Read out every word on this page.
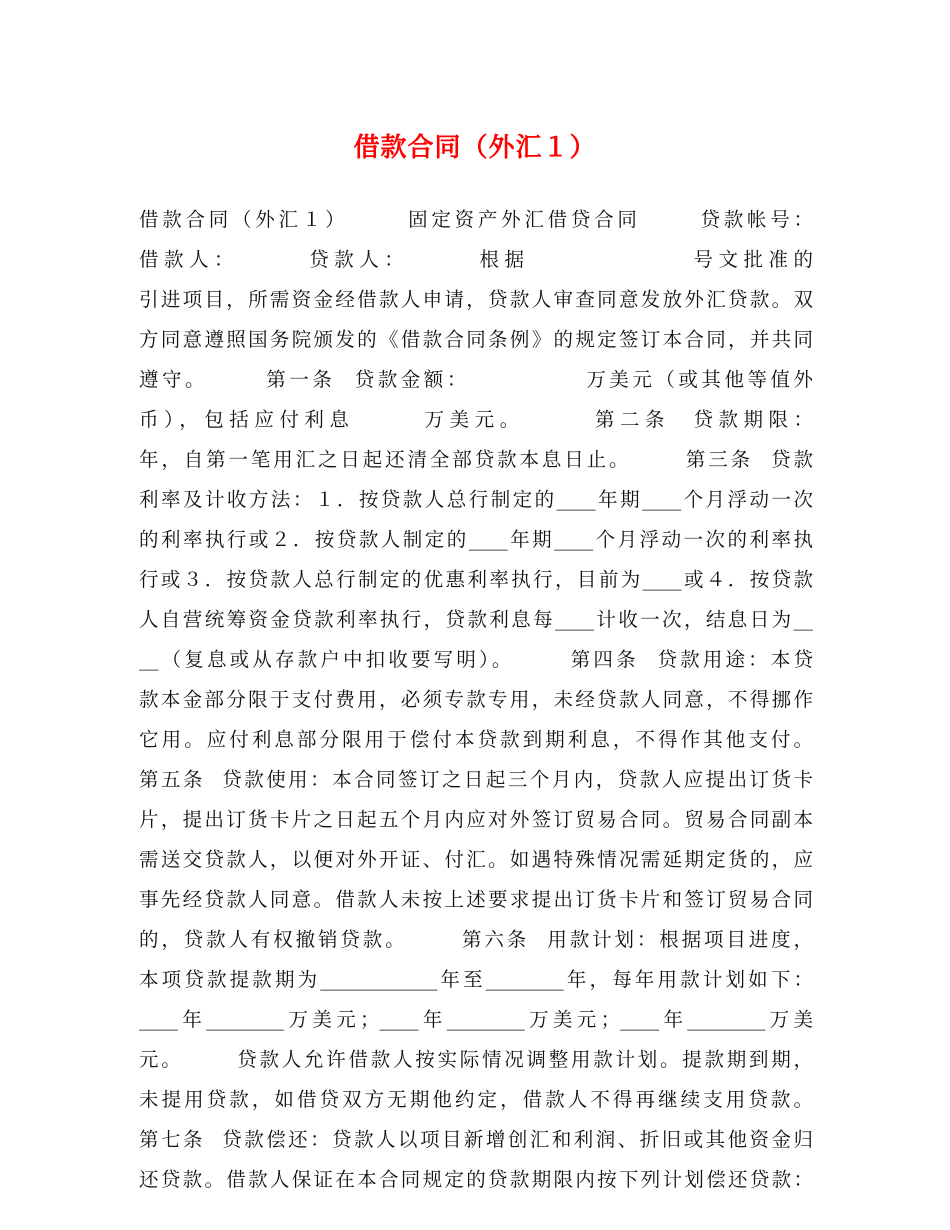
借款合同（外汇１）
借款合同（外汇１）      固定资产外汇借贷合同      贷款帐号：
借款人：      贷款人：      根据              号文批准的
引进项目，所需资金经借款人申请，贷款人审查同意发放外汇贷款。双
方同意遵照国务院颁发的《借款合同条例》的规定签订本合同，并共同
遵守。      第一条  贷款金额：            万美元（或其他等值外
币），包括应付利息      万美元。      第二条  贷款期限：
年，自第一笔用汇之日起还清全部贷款本息日止。      第三条  贷款
利率及计收方法：１．按贷款人总行制定的____年期____个月浮动一次
的利率执行或２．按贷款人制定的____年期____个月浮动一次的利率执
行或３．按贷款人总行制定的优惠利率执行，目前为____或４．按贷款
人自营统筹资金贷款利率执行，贷款利息每____计收一次，结息日为__
__（复息或从存款户中扣收要写明）。      第四条  贷款用途：本贷
款本金部分限于支付费用，必须专款专用，未经贷款人同意，不得挪作
它用。应付利息部分限用于偿付本贷款到期利息，不得作其他支付。
第五条  贷款使用：本合同签订之日起三个月内，贷款人应提出订货卡
片，提出订货卡片之日起五个月内应对外签订贸易合同。贸易合同副本
需送交贷款人，以便对外开证、付汇。如遇特殊情况需延期定货的，应
事先经贷款人同意。借款人未按上述要求提出订货卡片和签订贸易合同
的，贷款人有权撤销贷款。      第六条  用款计划：根据项目进度，
本项贷款提款期为____________年至________年，每年用款计划如下：
____年________万美元；____年________万美元；____年________万美
元。      贷款人允许借款人按实际情况调整用款计划。提款期到期，
未提用贷款，如借贷双方无期他约定，借款人不得再继续支用贷款。
第七条  贷款偿还：贷款人以项目新增创汇和利润、折旧或其他资金归
还贷款。借款人保证在本合同规定的贷款期限内按下列计划偿还贷款：
